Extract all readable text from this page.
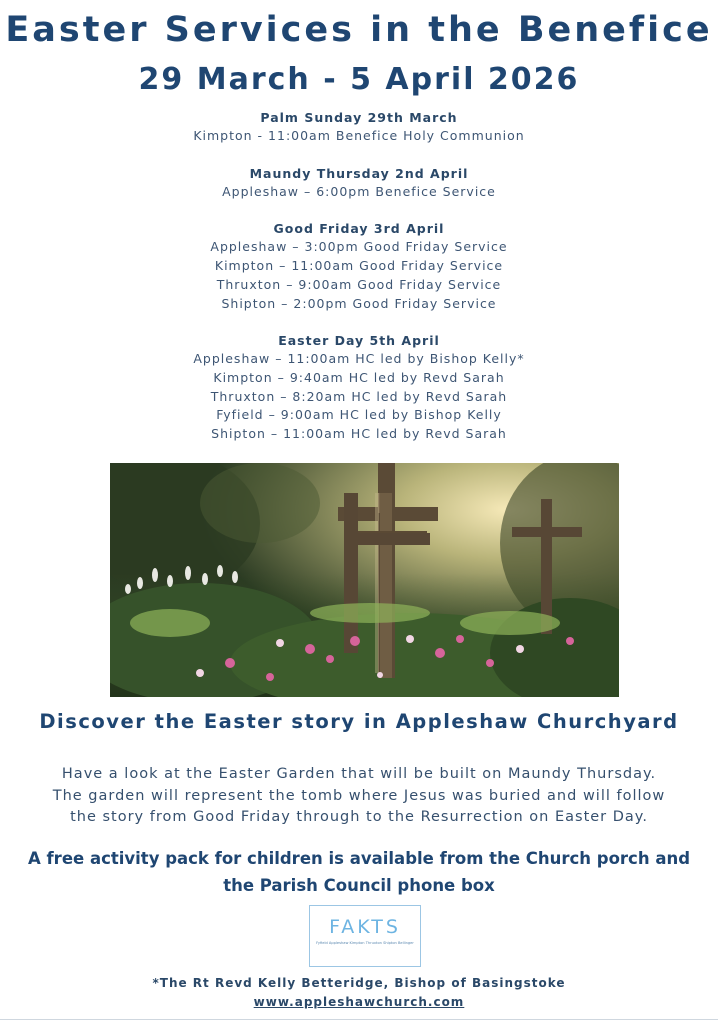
Easter Services in the Benefice
29 March - 5 April 2026
Palm Sunday 29th March
Kimpton - 11:00am Benefice Holy Communion
Maundy Thursday 2nd April
Appleshaw – 6:00pm Benefice Service
Good Friday 3rd April
Appleshaw – 3:00pm Good Friday Service
Kimpton – 11:00am Good Friday Service
Thruxton – 9:00am Good Friday Service
Shipton – 2:00pm Good Friday Service
Easter Day 5th April
Appleshaw – 11:00am HC led by Bishop Kelly*
Kimpton – 9:40am HC led by Revd Sarah
Thruxton – 8:20am HC led by Revd Sarah
Fyfield – 9:00am HC led by Bishop Kelly
Shipton – 11:00am HC led by Revd Sarah
Discover the Easter story in Appleshaw Churchyard
Have a look at the Easter Garden that will be built on Maundy Thursday.
The garden will represent the tomb where Jesus was buried and will follow
the story from Good Friday through to the Resurrection on Easter Day.
A free activity pack for children is available from the Church porch and
the Parish Council phone box
FAKTS
Fyfield Appleshaw Kimpton Thruxton Shipton Bellinger
*The Rt Revd Kelly Betteridge, Bishop of Basingstoke
www.appleshawchurch.com
